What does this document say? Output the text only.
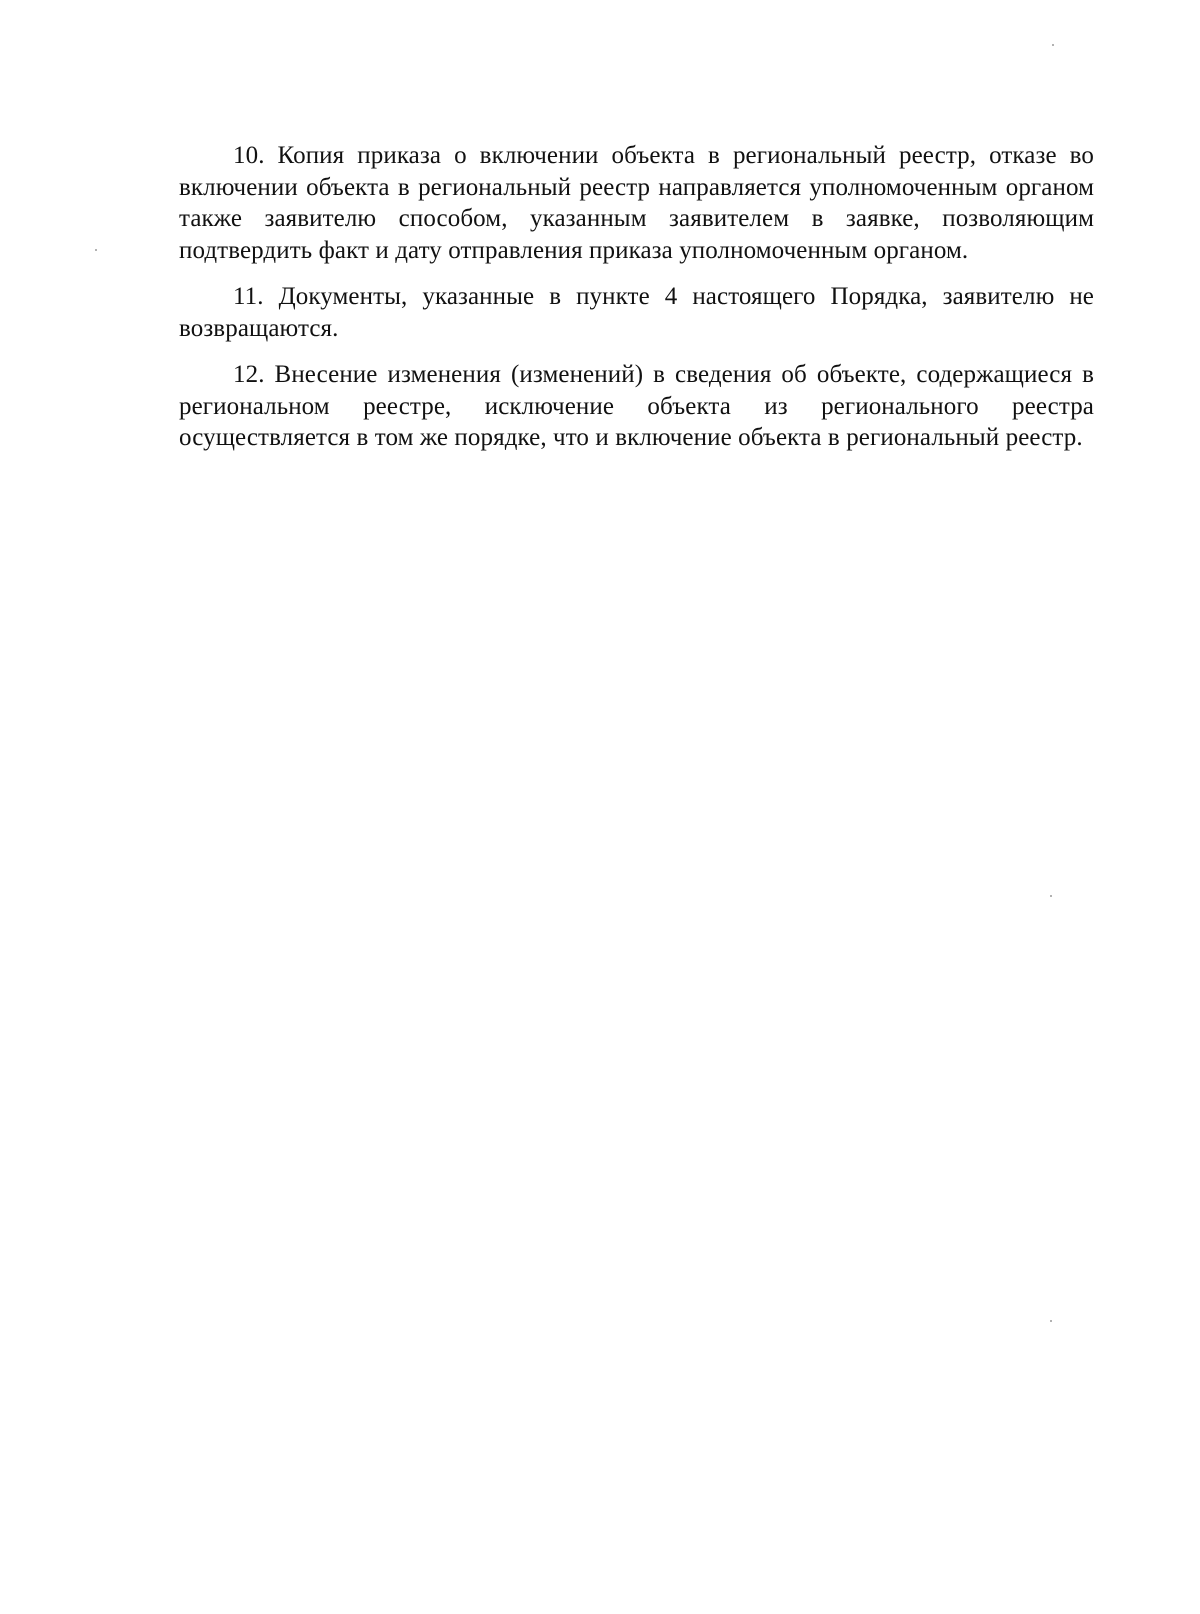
10. Копия приказа о включении объекта в региональный реестр, отказе во включении объекта в региональный реестр направляется уполномоченным органом также заявителю способом, указанным заявителем в заявке, позволяющим подтвердить факт и дату отправления приказа уполномоченным органом.

11. Документы, указанные в пункте 4 настоящего Порядка, заявителю не возвращаются.

12. Внесение изменения (изменений) в сведения об объекте, содержащиеся в региональном реестре, исключение объекта из регионального реестра осуществляется в том же порядке, что и включение объекта в региональный реестр.
